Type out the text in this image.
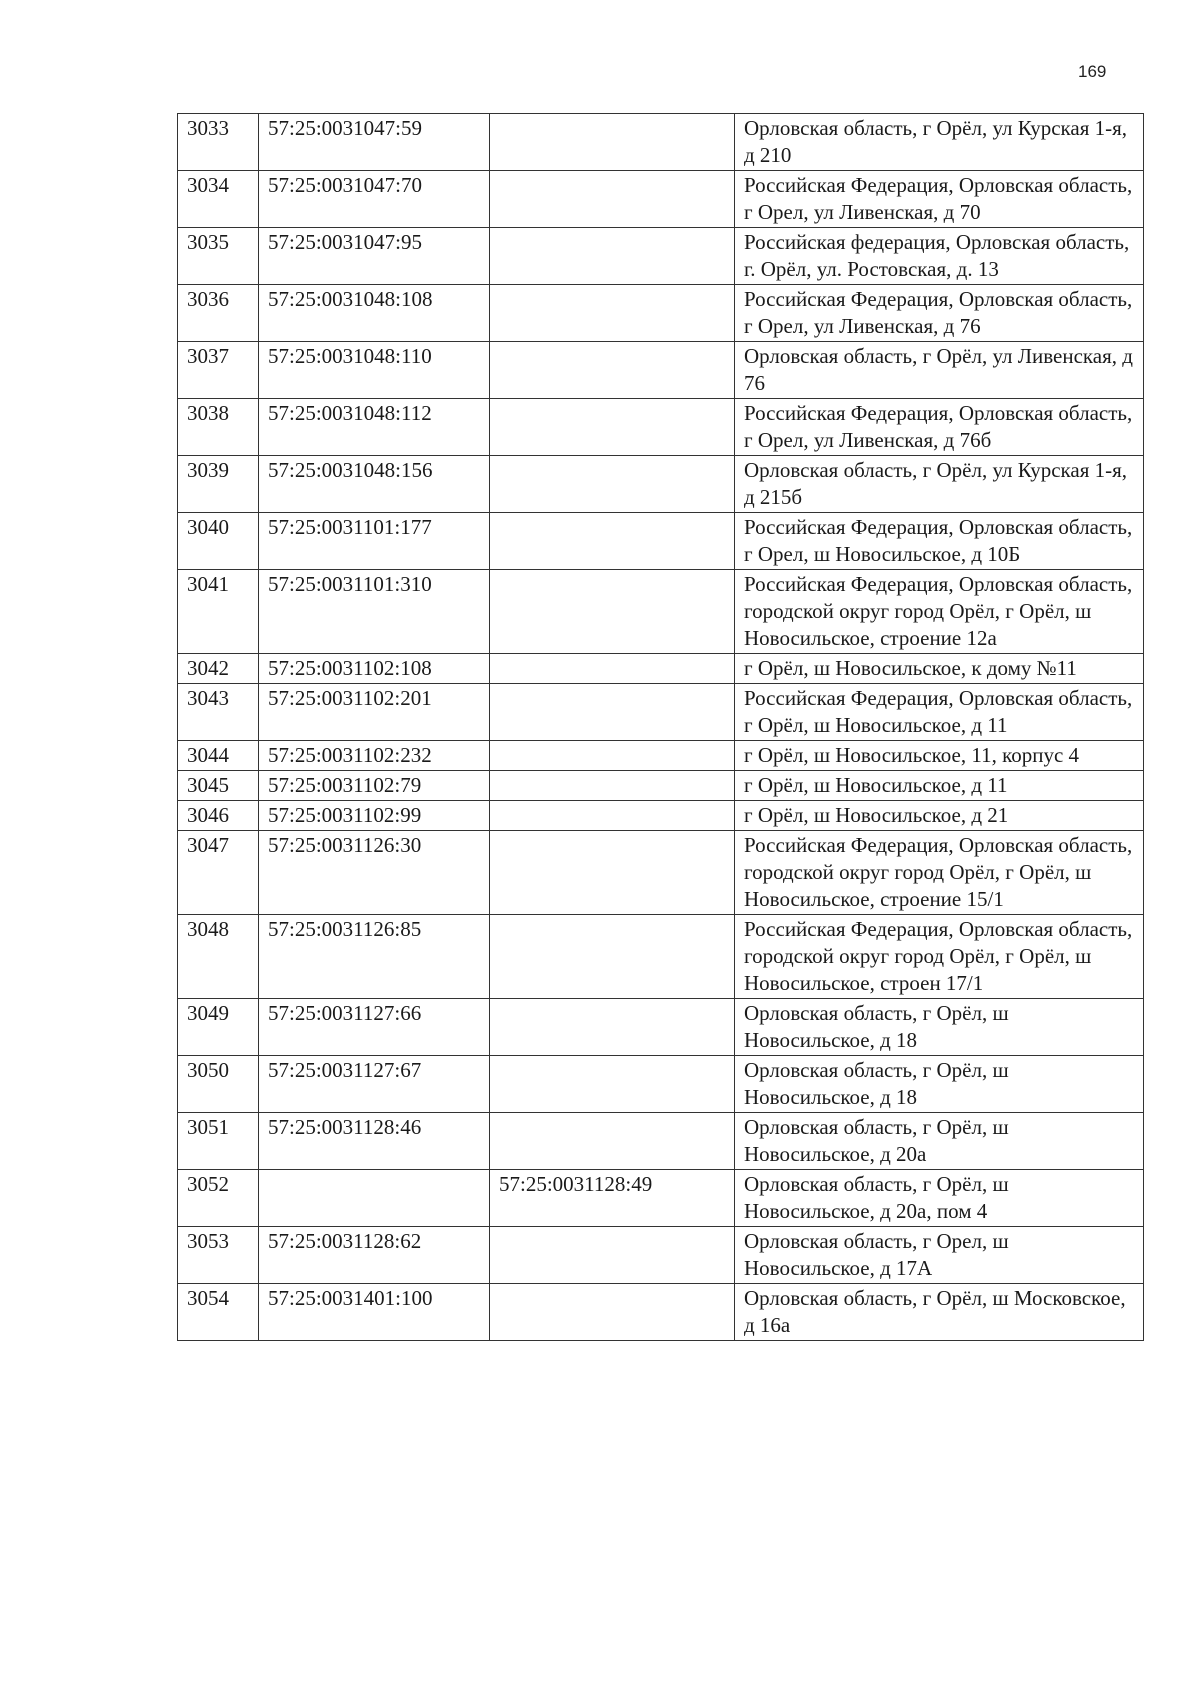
169
3033	57:25:0031047:59		Орловская область, г Орёл, ул Курская 1-я, д 210
3034	57:25:0031047:70		Российская Федерация, Орловская область, г Орел, ул Ливенская, д 70
3035	57:25:0031047:95		Российская федерация, Орловская область, г. Орёл, ул. Ростовская, д. 13
3036	57:25:0031048:108		Российская Федерация, Орловская область, г Орел, ул Ливенская, д 76
3037	57:25:0031048:110		Орловская область, г Орёл, ул Ливенская, д 76
3038	57:25:0031048:112		Российская Федерация, Орловская область, г Орел, ул Ливенская, д 76б
3039	57:25:0031048:156		Орловская область, г Орёл, ул Курская 1-я, д 215б
3040	57:25:0031101:177		Российская Федерация, Орловская область, г Орел, ш Новосильское, д 10Б
3041	57:25:0031101:310		Российская Федерация, Орловская область, городской округ город Орёл, г Орёл, ш Новосильское, строение 12а
3042	57:25:0031102:108		г Орёл, ш Новосильское, к дому №11
3043	57:25:0031102:201		Российская Федерация, Орловская область, г Орёл, ш Новосильское, д 11
3044	57:25:0031102:232		г Орёл, ш Новосильское, 11, корпус 4
3045	57:25:0031102:79		г Орёл, ш Новосильское, д 11
3046	57:25:0031102:99		г Орёл, ш Новосильское, д 21
3047	57:25:0031126:30		Российская Федерация, Орловская область, городской округ город Орёл, г Орёл, ш Новосильское, строение 15/1
3048	57:25:0031126:85		Российская Федерация, Орловская область, городской округ город Орёл, г Орёл, ш Новосильское, строен 17/1
3049	57:25:0031127:66		Орловская область, г Орёл, ш Новосильское, д 18
3050	57:25:0031127:67		Орловская область, г Орёл, ш Новосильское, д 18
3051	57:25:0031128:46		Орловская область, г Орёл, ш Новосильское, д 20а
3052		57:25:0031128:49	Орловская область, г Орёл, ш Новосильское, д 20а, пом 4
3053	57:25:0031128:62		Орловская область, г Орел, ш Новосильское, д 17А
3054	57:25:0031401:100		Орловская область, г Орёл, ш Московское, д 16а
